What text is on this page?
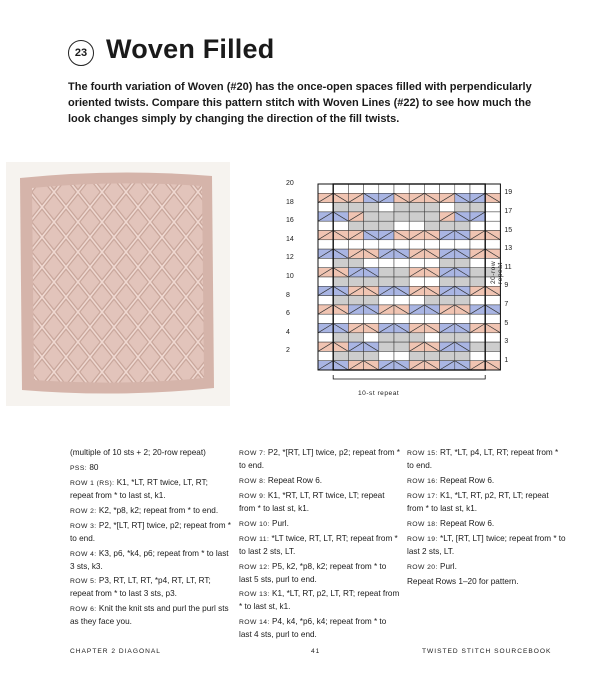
23 Woven Filled
The fourth variation of Woven (#20) has the once-open spaces filled with perpendicularly oriented twists. Compare this pattern stitch with Woven Lines (#22) to see how much the look changes simply by changing the direction of the fill twists.
20
18
16
14
12
10
8
6
4
2
19
17
15
13
11
9
7
5
3
1
10-st repeat
20-row repeat

(multiple of 10 sts + 2; 20-row repeat)

PSS: 80

ROW 1 (RS): K1, *LT, RT twice, LT, RT; repeat from * to last st, k1.

ROW 2: K2, *p8, k2; repeat from * to end.

ROW 3: P2, *[LT, RT] twice, p2; repeat from * to end.

ROW 4: K3, p6, *k4, p6; repeat from * to last 3 sts, k3.

ROW 5: P3, RT, LT, RT, *p4, RT, LT, RT; repeat from * to last 3 sts, p3.

ROW 6: Knit the knit sts and purl the purl sts as they face you.

ROW 7: P2, *[RT, LT] twice, p2; repeat from * to end.

ROW 8: Repeat Row 6.

ROW 9: K1, *RT, LT, RT twice, LT; repeat from * to last st, k1.

ROW 10: Purl.

ROW 11: *LT twice, RT, LT, RT; repeat from * to last 2 sts, LT.

ROW 12: P5, k2, *p8, k2; repeat from * to last 5 sts, purl to end.

ROW 13: K1, *LT, RT, p2, LT, RT; repeat from * to last st, k1.

ROW 14: P4, k4, *p6, k4; repeat from * to last 4 sts, purl to end.

ROW 15: RT, *LT, p4, LT, RT; repeat from * to end.

ROW 16: Repeat Row 6.

ROW 17: K1, *LT, RT, p2, RT, LT; repeat from * to last st, k1.

ROW 18: Repeat Row 6.

ROW 19: *LT, [RT, LT] twice; repeat from * to last 2 sts, LT.

ROW 20: Purl.

Repeat Rows 1–20 for pattern.

CHAPTER 2 DIAGONAL	41	TWISTED STITCH SOURCEBOOK
